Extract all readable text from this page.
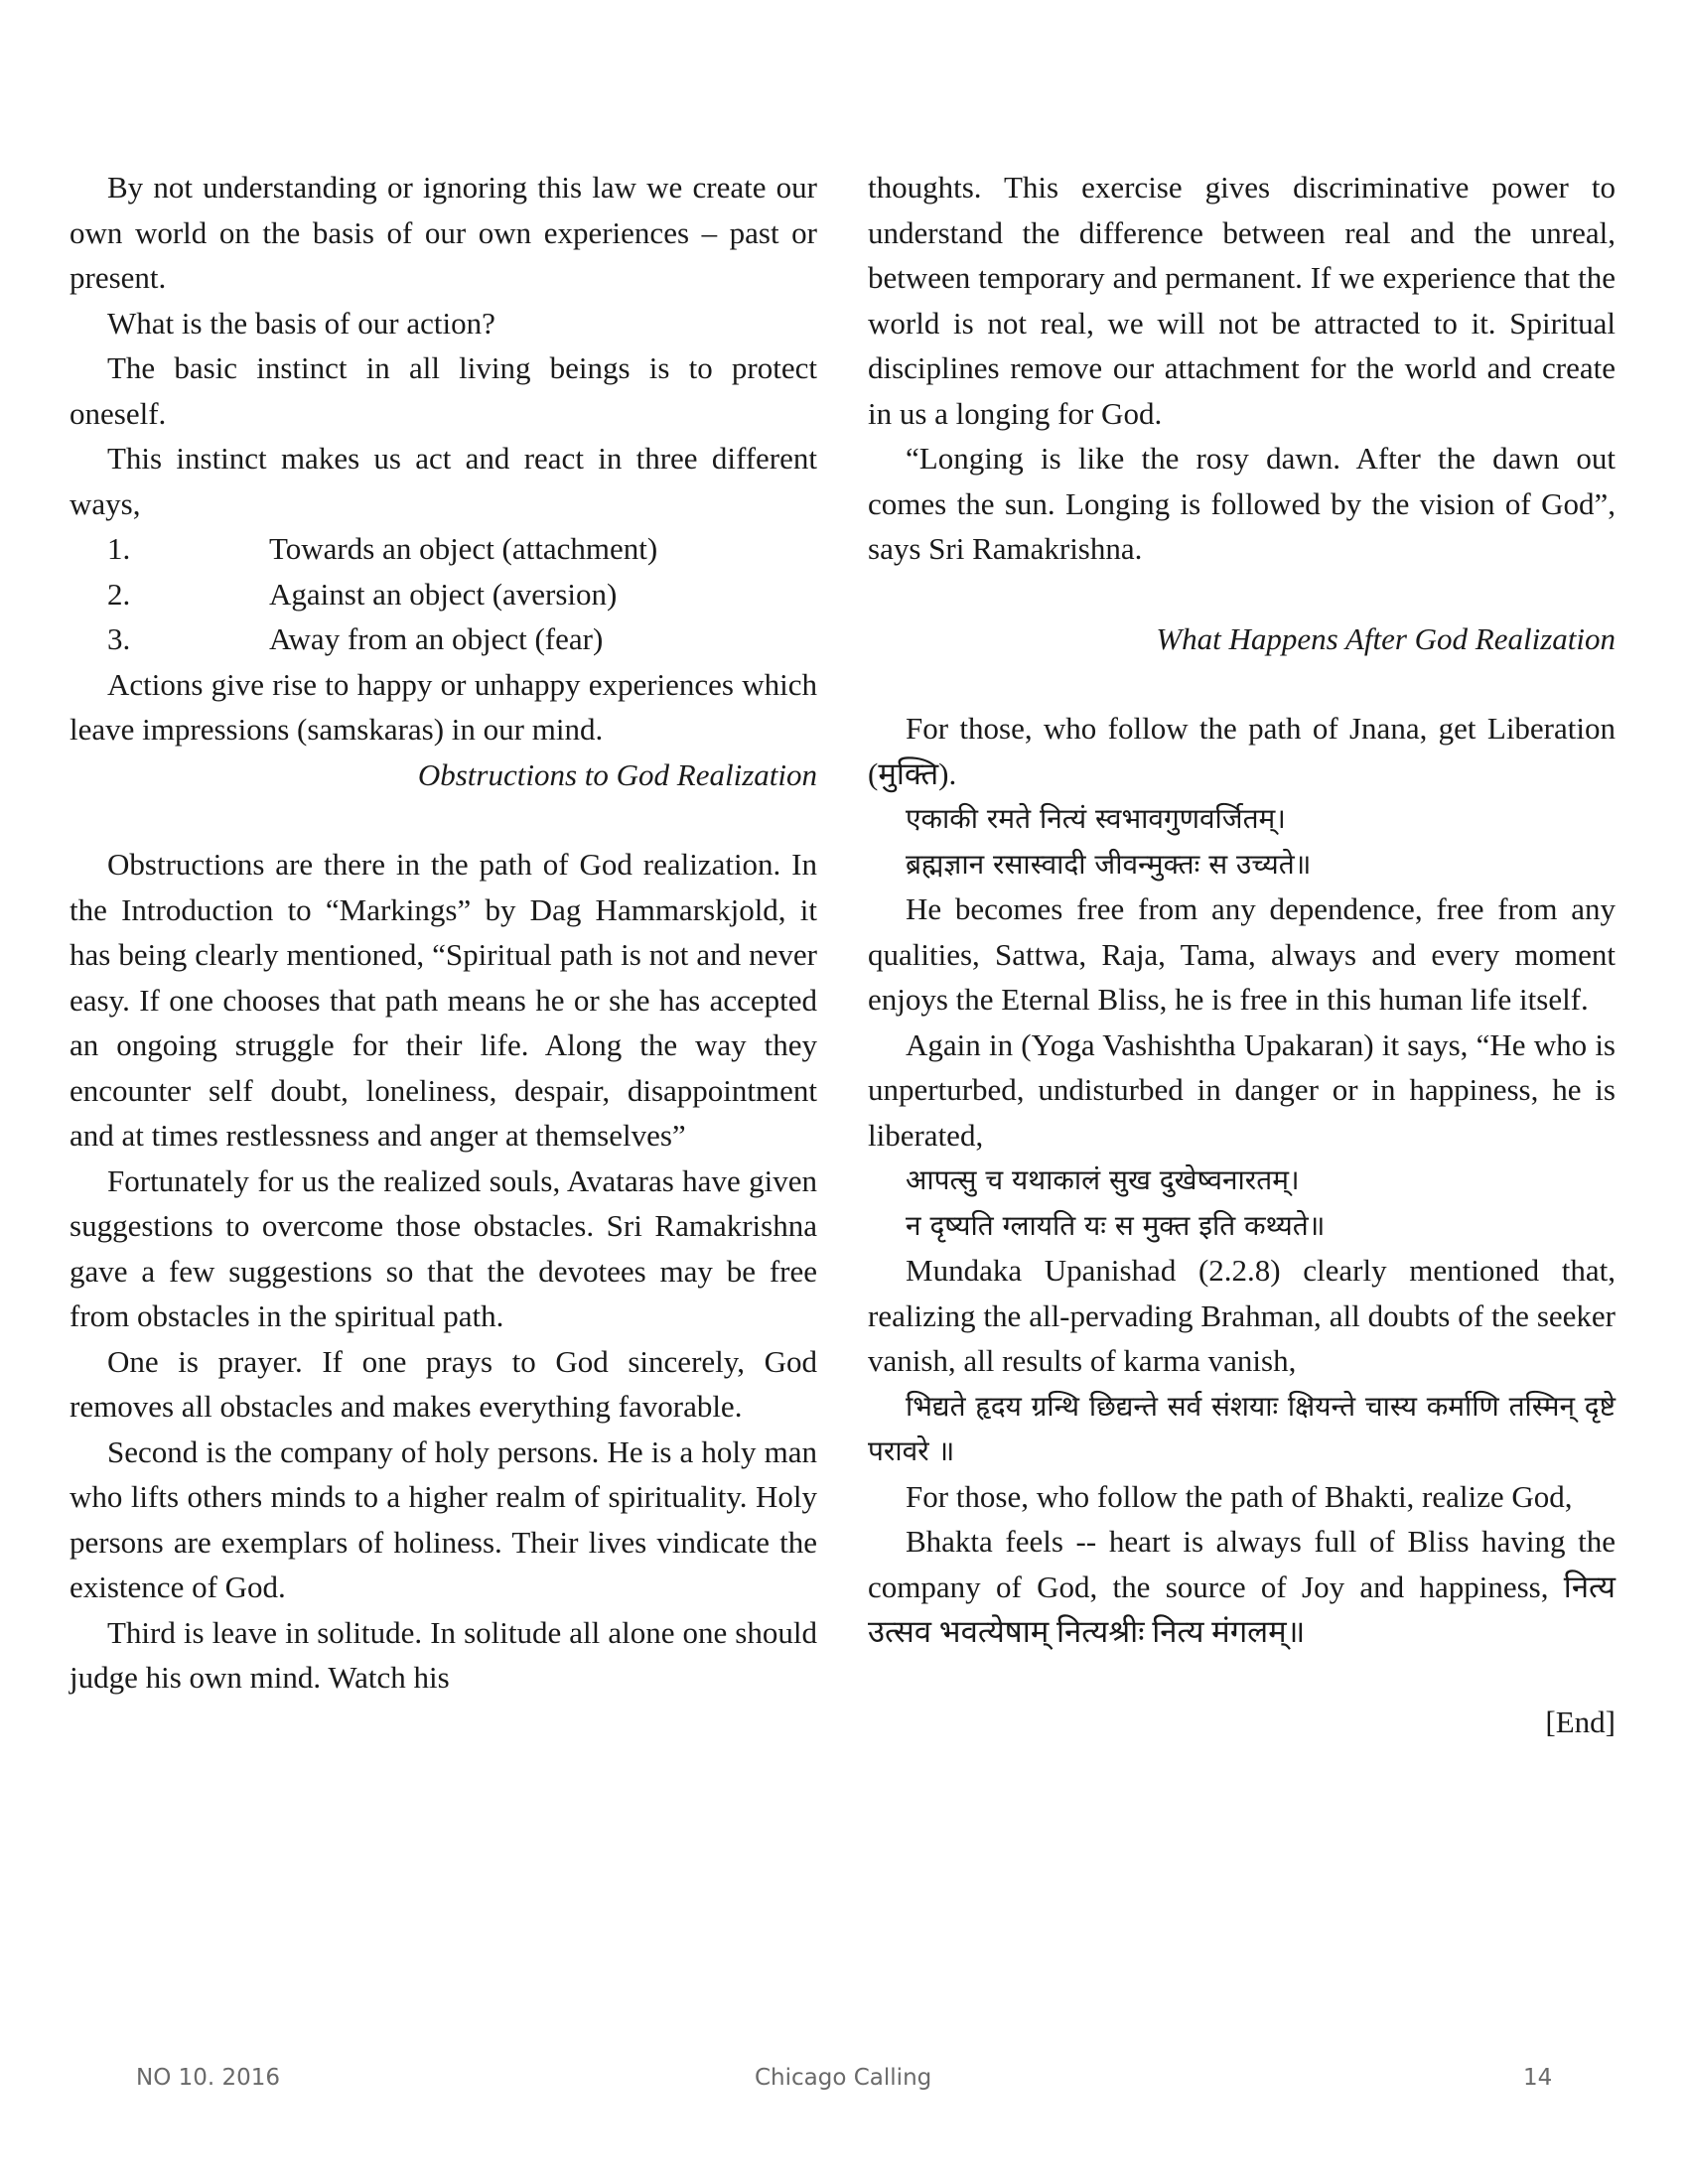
By not understanding or ignoring this law we create our own world on the basis of our own experiences – past or present.

What is the basis of our action?

The basic instinct in all living beings is to protect oneself.

This instinct makes us act and react in three different ways,

1.	Towards an object (attachment)
2.	Against an object (aversion)
3.	Away from an object (fear)

Actions give rise to happy or unhappy experiences which leave impressions (samskaras) in our mind.

Obstructions to God Realization

Obstructions are there in the path of God realization. In the Introduction to “Markings” by Dag Hammarskjold, it has being clearly mentioned, “Spiritual path is not and never easy. If one chooses that path means he or she has accepted an ongoing struggle for their life. Along the way they encounter self doubt, loneliness, despair, disappointment and at times restlessness and anger at themselves”

Fortunately for us the realized souls, Avataras have given suggestions to overcome those obstacles. Sri Ramakrishna gave a few suggestions so that the devotees may be free from obstacles in the spiritual path.

One is prayer. If one prays to God sincerely, God removes all obstacles and makes everything favorable.

Second is the company of holy persons. He is a holy man who lifts others minds to a higher realm of spirituality. Holy persons are exemplars of holiness. Their lives vindicate the existence of God.

Third is leave in solitude. In solitude all alone one should judge his own mind. Watch his

thoughts. This exercise gives discriminative power to understand the difference between real and the unreal, between temporary and permanent. If we experience that the world is not real, we will not be attracted to it. Spiritual disciplines remove our attachment for the world and create in us a longing for God.

“Longing is like the rosy dawn. After the dawn out comes the sun. Longing is followed by the vision of God”, says Sri Ramakrishna.

What Happens After God Realization

For those, who follow the path of Jnana, get Liberation (मुक्ति).

एकाकी रमते नित्यं स्वभावगुणवर्जितम्।

ब्रह्मज्ञान रसास्वादी जीवन्मुक्तः स उच्यते॥

He becomes free from any dependence, free from any qualities, Sattwa, Raja, Tama, always and every moment enjoys the Eternal Bliss, he is free in this human life itself.

Again in (Yoga Vashishtha Upakaran) it says, “He who is unperturbed, undisturbed in danger or in happiness, he is liberated,

आपत्सु च यथाकालं सुख दुखेष्वनारतम्।

न दृष्यति ग्लायति यः स मुक्त इति कथ्यते॥

Mundaka Upanishad (2.2.8) clearly mentioned that, realizing the all-pervading Brahman, all doubts of the seeker vanish, all results of karma vanish,

भिद्यते हृदय ग्रन्थि छिद्यन्ते सर्व संशयाः क्षियन्ते चास्य कर्माणि तस्मिन् दृष्टे परावरे ॥

For those, who follow the path of Bhakti, realize God,

Bhakta feels -- heart is always full of Bliss having the company of God, the source of Joy and happiness, नित्य उत्सव भवत्येषाम् नित्यश्रीः नित्य मंगलम्॥

[End]

NO 10. 2016	Chicago Calling	14
